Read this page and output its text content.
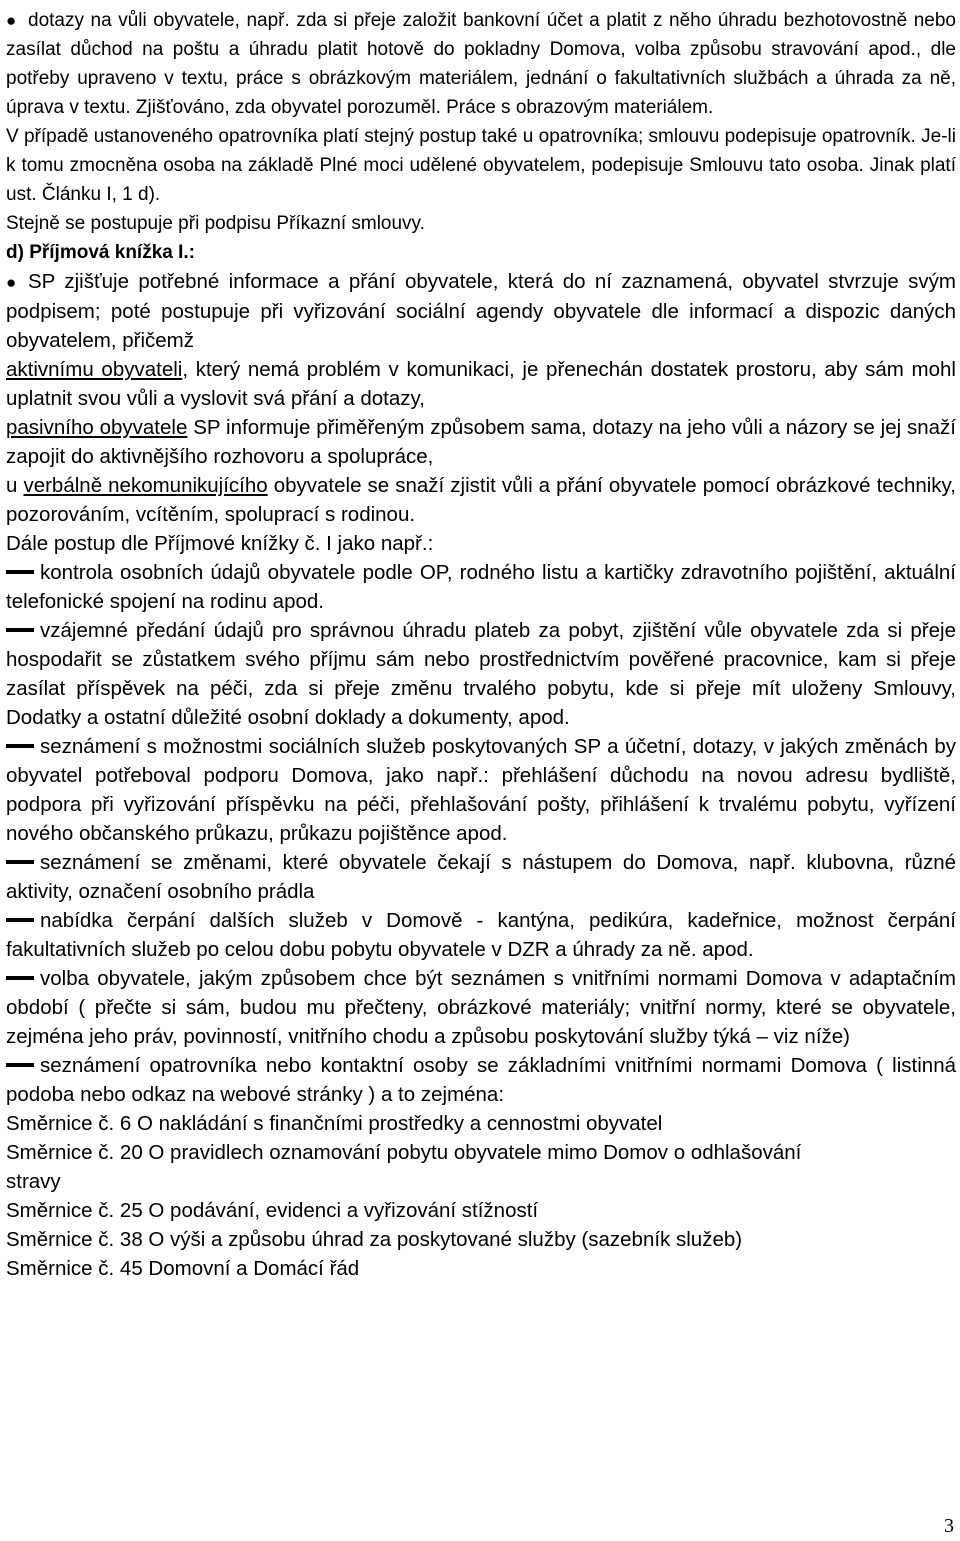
● dotazy na vůli obyvatele, např. zda si přeje založit bankovní účet a platit z něho úhradu bezhotovostně nebo zasílat důchod na poštu a úhradu platit hotově do pokladny Domova, volba způsobu stravování apod., dle potřeby upraveno v textu, práce s obrázkovým materiálem, jednání o fakultativních službách a úhrada za ně, úprava v textu. Zjišťováno, zda obyvatel porozuměl. Práce s obrazovým materiálem.

V případě ustanoveného opatrovníka platí stejný postup také u opatrovníka; smlouvu podepisuje opatrovník. Je-li k tomu zmocněna osoba na základě Plné moci udělené obyvatelem, podepisuje Smlouvu tato osoba. Jinak platí ust. Článku I, 1 d).

Stejně se postupuje při podpisu Příkazní smlouvy.

d) Příjmová knížka I.:

● SP zjišťuje potřebné informace a přání obyvatele, která do ní zaznamená, obyvatel stvrzuje svým podpisem; poté postupuje při vyřizování sociální agendy obyvatele dle informací a dispozic daných obyvatelem, přičemž

aktivnímu obyvateli, který nemá problém v komunikaci, je přenechán dostatek prostoru, aby sám mohl uplatnit svou vůli a vyslovit svá přání a dotazy,

pasivního obyvatele SP informuje přiměřeným způsobem sama, dotazy na jeho vůli a názory se jej snaží zapojit do aktivnějšího rozhovoru a spolupráce,

u verbálně nekomunikujícího obyvatele se snaží zjistit vůli a přání obyvatele pomocí obrázkové techniky, pozorováním, vcítěním, spoluprací s rodinou.

Dále postup dle Příjmové knížky č. I jako např.:

kontrola osobních údajů obyvatele podle OP, rodného listu a kartičky zdravotního pojištění, aktuální telefonické spojení na rodinu apod.

vzájemné předání údajů pro správnou úhradu plateb za pobyt, zjištění vůle obyvatele zda si přeje hospodařit se zůstatkem svého příjmu sám nebo prostřednictvím pověřené pracovnice, kam si přeje zasílat příspěvek na péči, zda si přeje změnu trvalého pobytu, kde si přeje mít uloženy Smlouvy, Dodatky a ostatní důležité osobní doklady a dokumenty, apod.

seznámení s možnostmi sociálních služeb poskytovaných SP a účetní, dotazy, v jakých změnách by obyvatel potřeboval podporu Domova, jako např.: přehlášení důchodu na novou adresu bydliště, podpora při vyřizování příspěvku na péči, přehlašování pošty, přihlášení k trvalému pobytu, vyřízení nového občanského průkazu, průkazu pojištěnce apod.

seznámení se změnami, které obyvatele čekají s nástupem do Domova, např. klubovna, různé aktivity, označení osobního prádla

nabídka čerpání dalších služeb v Domově - kantýna, pedikúra, kadeřnice, možnost čerpání fakultativních služeb po celou dobu pobytu obyvatele v DZR a úhrady za ně. apod.

volba obyvatele, jakým způsobem chce být seznámen s vnitřními normami Domova v adaptačním období ( přečte si sám, budou mu přečteny, obrázkové materiály; vnitřní normy, které se obyvatele, zejména jeho práv, povinností, vnitřního chodu a způsobu poskytování služby týká – viz níže)

seznámení opatrovníka nebo kontaktní osoby se základními vnitřními normami Domova ( listinná podoba nebo odkaz na webové stránky ) a to zejména:

Směrnice č. 6 O nakládání s finančními prostředky a cennostmi obyvatel

Směrnice č. 20 O pravidlech oznamování pobytu obyvatele mimo Domov o odhlašování

stravy

Směrnice č. 25 O podávání, evidenci a vyřizování stížností

Směrnice č. 38 O výši a způsobu úhrad za poskytované služby (sazebník služeb)

Směrnice č. 45 Domovní a Domácí řád

3
